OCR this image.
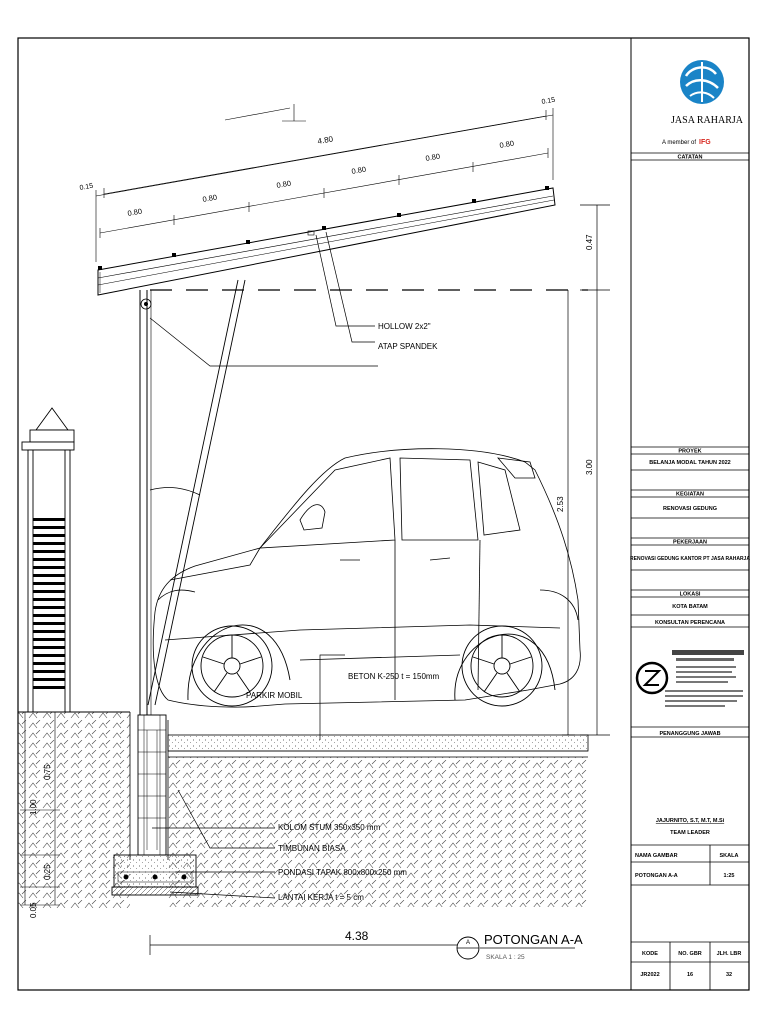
4.80
0.15
0.15
0.80
0.80
0.80
0.80
0.80
0.80
0.47
3.00
2.53
0.75
1.00
0.25
0.05
4.38
HOLLOW 2x2"
ATAP SPANDEK
PARKIR MOBIL
BETON K-250 t = 150mm
KOLOM STUM 350x350 mm
TIMBUNAN BIASA
PONDASI TAPAK 800x800x250 mm
LANTAI KERJA t = 5 cm
A POTONGAN A-A
SKALA 1 : 25
JASA RAHARJA
A member of IFG
CATATAN
PROYEK
BELANJA MODAL TAHUN 2022
KEGIATAN
RENOVASI GEDUNG
PEKERJAAN
RENOVASI GEDUNG KANTOR PT JASA RAHARJA
LOKASI
KOTA BATAM
KONSULTAN PERENCANA
PENANGGUNG JAWAB
JAJURNITO, S.T, M.T, M.Si
TEAM LEADER
NAMA GAMBAR	SKALA
POTONGAN A-A	1:25
KODE	NO. GBR	JLH. LBR
JR2022	16	32
